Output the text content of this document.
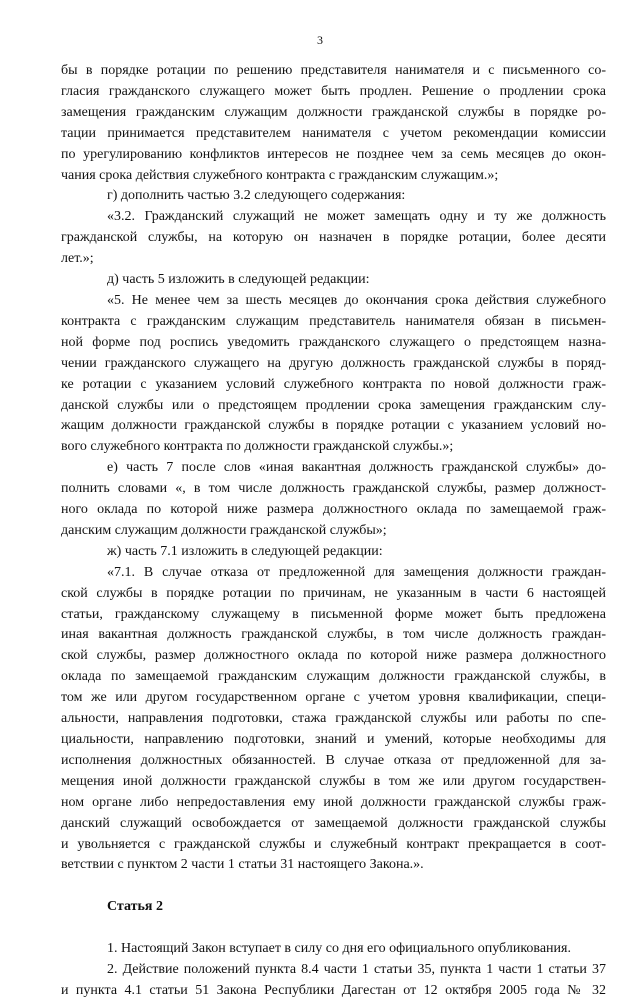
3

бы в порядке ротации по решению представителя нанимателя и с письменного со-

гласия гражданского служащего может быть продлен. Решение о продлении срока

замещения гражданским служащим должности гражданской службы в порядке ро-

тации принимается представителем нанимателя с учетом рекомендации комиссии

по урегулированию конфликтов интересов не позднее чем за семь месяцев до окон-

чания срока действия служебного контракта с гражданским служащим.»;

г) дополнить частью 3.2 следующего содержания:

«3.2. Гражданский служащий не может замещать одну и ту же должность

гражданской службы, на которую он назначен в порядке ротации, более десяти

лет.»;

д) часть 5 изложить в следующей редакции:

«5. Не менее чем за шесть месяцев до окончания срока действия служебного

контракта с гражданским служащим представитель нанимателя обязан в письмен-

ной форме под роспись уведомить гражданского служащего о предстоящем назна-

чении гражданского служащего на другую должность гражданской службы в поряд-

ке ротации с указанием условий служебного контракта по новой должности граж-

данской службы или о предстоящем продлении срока замещения гражданским слу-

жащим должности гражданской службы в порядке ротации с указанием условий но-

вого служебного контракта по должности гражданской службы.»;

е) часть 7 после слов «иная вакантная должность гражданской службы» до-

полнить словами «, в том числе должность гражданской службы, размер должност-

ного оклада по которой ниже размера должностного оклада по замещаемой граж-

данским служащим должности гражданской службы»;

ж) часть 7.1 изложить в следующей редакции:

«7.1. В случае отказа от предложенной для замещения должности граждан-

ской службы в порядке ротации по причинам, не указанным в части 6 настоящей

статьи, гражданскому служащему в письменной форме может быть предложена

иная вакантная должность гражданской службы, в том числе должность граждан-

ской службы, размер должностного оклада по которой ниже размера должностного

оклада по замещаемой гражданским служащим должности гражданской службы, в

том же или другом государственном органе с учетом уровня квалификации, специ-

альности, направления подготовки, стажа гражданской службы или работы по спе-

циальности, направлению подготовки, знаний и умений, которые необходимы для

исполнения должностных обязанностей. В случае отказа от предложенной для за-

мещения иной должности гражданской службы в том же или другом государствен-

ном органе либо непредоставления ему иной должности гражданской службы граж-

данский служащий освобождается от замещаемой должности гражданской службы

и увольняется с гражданской службы и служебный контракт прекращается в соот-

ветствии с пунктом 2 части 1 статьи 31 настоящего Закона.».

Статья 2

1. Настоящий Закон вступает в силу со дня его официального опубликования.

2. Действие положений пункта 8.4 части 1 статьи 35, пункта 1 части 1 статьи 37

и пункта 4.1 статьи 51 Закона Республики Дагестан от 12 октября 2005 года № 32
